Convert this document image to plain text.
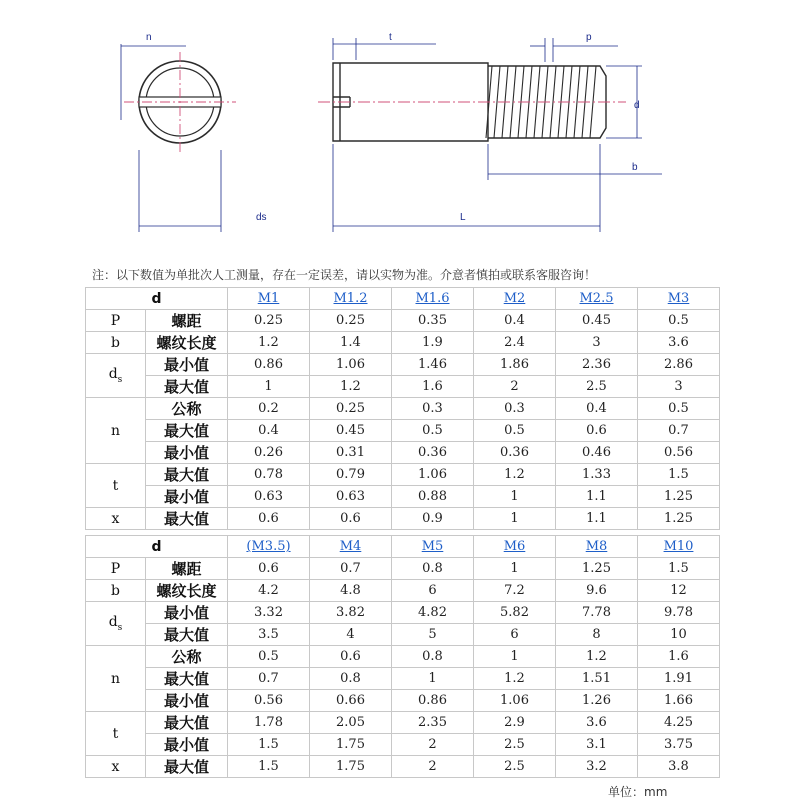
n
ds
t	p
d
b
L
注：以下数值为单批次人工测量，存在一定误差，请以实物为准。介意者慎拍或联系客服咨询！
d		M1	M1.2	M1.6	M2	M2.5	M3
P	螺距	0.25	0.25	0.35	0.4	0.45	0.5
b	螺纹长度	1.2	1.4	1.9	2.4	3	3.6
$d_s$	最小值	0.86	1.06	1.46	1.86	2.36	2.86
	最大值	1	1.2	1.6	2	2.5	3
n	公称	0.2	0.25	0.3	0.3	0.4	0.5
	最大值	0.4	0.45	0.5	0.5	0.6	0.7
	最小值	0.26	0.31	0.36	0.36	0.46	0.56
t	最大值	0.78	0.79	1.06	1.2	1.33	1.5
	最小值	0.63	0.63	0.88	1	1.1	1.25
x	最大值	0.6	0.6	0.9	1	1.1	1.25
d		(M3.5)	M4	M5	M6	M8	M10
P	螺距	0.6	0.7	0.8	1	1.25	1.5
b	螺纹长度	4.2	4.8	6	7.2	9.6	12
$d_s$	最小值	3.32	3.82	4.82	5.82	7.78	9.78
	最大值	3.5	4	5	6	8	10
n	公称	0.5	0.6	0.8	1	1.2	1.6
	最大值	0.7	0.8	1	1.2	1.51	1.91
	最小值	0.56	0.66	0.86	1.06	1.26	1.66
t	最大值	1.78	2.05	2.35	2.9	3.6	4.25
	最小值	1.5	1.75	2	2.5	3.1	3.75
x	最大值	1.5	1.75	2	2.5	3.2	3.8
单位：mm
